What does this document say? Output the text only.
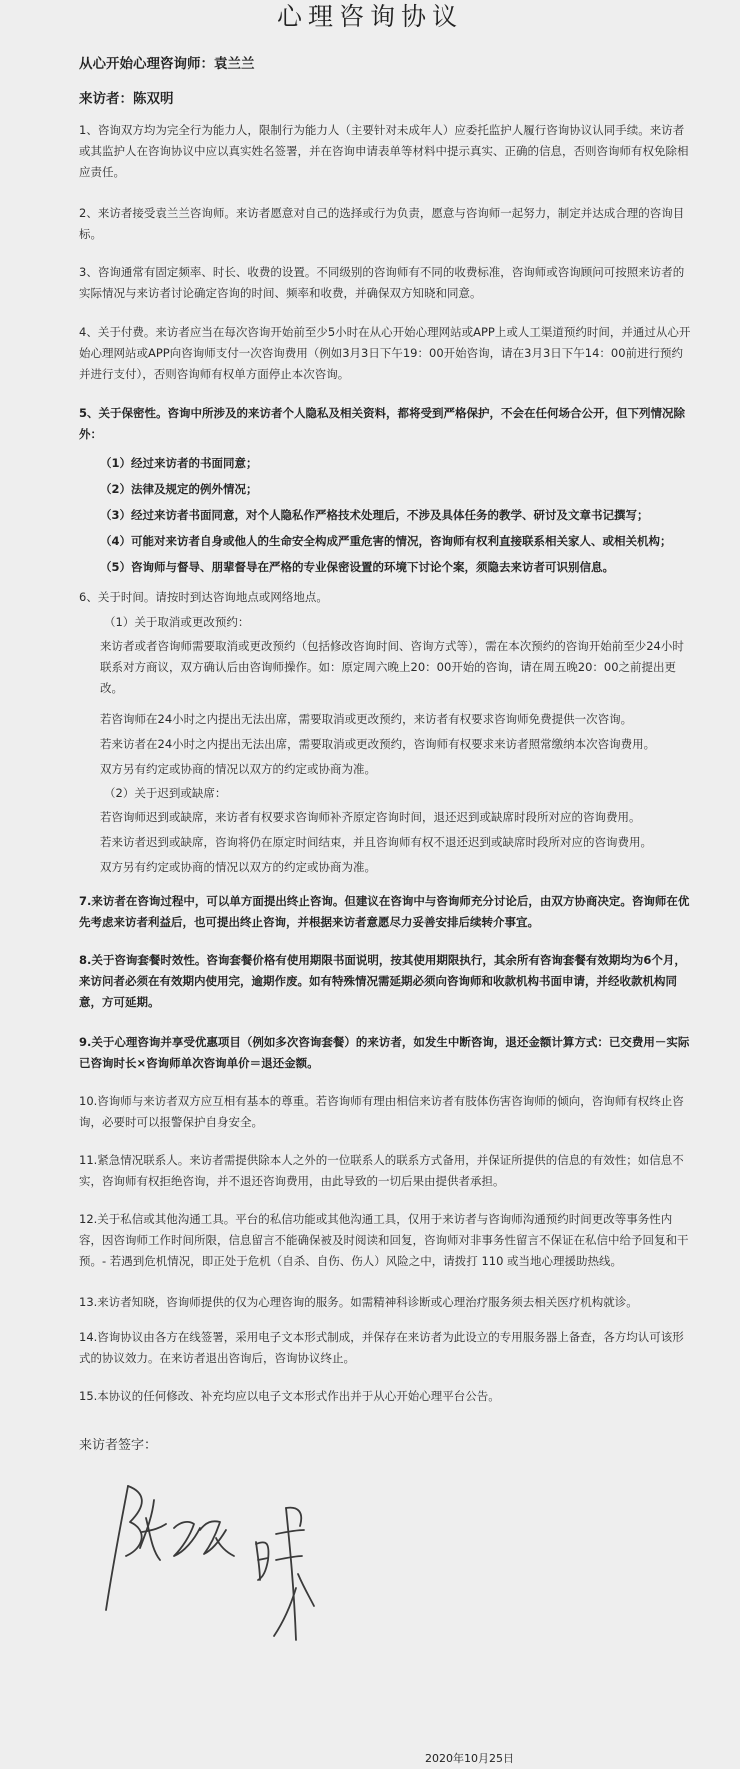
心理咨询协议
从心开始心理咨询师：袁兰兰
来访者：陈双明

1、咨询双方均为完全行为能力人，限制行为能力人（主要针对未成年人）应委托监护人履行咨询协议认同手续。来访者或其监护人在咨询协议中应以真实姓名签署，并在咨询申请表单等材料中提示真实、正确的信息，否则咨询师有权免除相应责任。

2、来访者接受袁兰兰咨询师。来访者愿意对自己的选择或行为负责，愿意与咨询师一起努力，制定并达成合理的咨询目标。

3、咨询通常有固定频率、时长、收费的设置。不同级别的咨询师有不同的收费标准，咨询师或咨询顾问可按照来访者的实际情况与来访者讨论确定咨询的时间、频率和收费，并确保双方知晓和同意。

4、关于付费。来访者应当在每次咨询开始前至少5小时在从心开始心理网站或APP上或人工渠道预约时间，并通过从心开始心理网站或APP向咨询师支付一次咨询费用（例如3月3日下午19：00开始咨询，请在3月3日下午14：00前进行预约并进行支付），否则咨询师有权单方面停止本次咨询。

5、关于保密性。咨询中所涉及的来访者个人隐私及相关资料，都将受到严格保护，不会在任何场合公开，但下列情况除外：

（1）经过来访者的书面同意；

（2）法律及规定的例外情况；

（3）经过来访者书面同意，对个人隐私作严格技术处理后，不涉及具体任务的教学、研讨及文章书记撰写；

（4）可能对来访者自身或他人的生命安全构成严重危害的情况，咨询师有权利直接联系相关家人、或相关机构；

（5）咨询师与督导、朋辈督导在严格的专业保密设置的环境下讨论个案，须隐去来访者可识别信息。

6、关于时间。请按时到达咨询地点或网络地点。

（1）关于取消或更改预约：

来访者或者咨询师需要取消或更改预约（包括修改咨询时间、咨询方式等），需在本次预约的咨询开始前至少24小时联系对方商议，双方确认后由咨询师操作。如：原定周六晚上20：00开始的咨询，请在周五晚20：00之前提出更改。

若咨询师在24小时之内提出无法出席，需要取消或更改预约，来访者有权要求咨询师免费提供一次咨询。

若来访者在24小时之内提出无法出席，需要取消或更改预约，咨询师有权要求来访者照常缴纳本次咨询费用。

双方另有约定或协商的情况以双方的约定或协商为准。

（2）关于迟到或缺席：

若咨询师迟到或缺席，来访者有权要求咨询师补齐原定咨询时间，退还迟到或缺席时段所对应的咨询费用。

若来访者迟到或缺席，咨询将仍在原定时间结束，并且咨询师有权不退还迟到或缺席时段所对应的咨询费用。

双方另有约定或协商的情况以双方的约定或协商为准。

7.来访者在咨询过程中，可以单方面提出终止咨询。但建议在咨询中与咨询师充分讨论后，由双方协商决定。咨询师在优先考虑来访者利益后，也可提出终止咨询，并根据来访者意愿尽力妥善安排后续转介事宜。

8.关于咨询套餐时效性。咨询套餐价格有使用期限书面说明，按其使用期限执行，其余所有咨询套餐有效期均为6个月，来访问者必须在有效期内使用完，逾期作废。如有特殊情况需延期必须向咨询师和收款机构书面申请，并经收款机构同意，方可延期。

9.关于心理咨询并享受优惠项目（例如多次咨询套餐）的来访者，如发生中断咨询，退还金额计算方式：已交费用－实际已咨询时长×咨询师单次咨询单价＝退还金额。

10.咨询师与来访者双方应互相有基本的尊重。若咨询师有理由相信来访者有肢体伤害咨询师的倾向，咨询师有权终止咨询，必要时可以报警保护自身安全。

11.紧急情况联系人。来访者需提供除本人之外的一位联系人的联系方式备用，并保证所提供的信息的有效性；如信息不实，咨询师有权拒绝咨询，并不退还咨询费用，由此导致的一切后果由提供者承担。

12.关于私信或其他沟通工具。平台的私信功能或其他沟通工具，仅用于来访者与咨询师沟通预约时间更改等事务性内容，因咨询师工作时间所限，信息留言不能确保被及时阅读和回复，咨询师对非事务性留言不保证在私信中给予回复和干预。- 若遇到危机情况，即正处于危机（自杀、自伤、伤人）风险之中，请拨打 110 或当地心理援助热线。

13.来访者知晓，咨询师提供的仅为心理咨询的服务。如需精神科诊断或心理治疗服务须去相关医疗机构就诊。

14.咨询协议由各方在线签署，采用电子文本形式制成，并保存在来访者为此设立的专用服务器上备查，各方均认可该形式的协议效力。在来访者退出咨询后，咨询协议终止。

15.本协议的任何修改、补充均应以电子文本形式作出并于从心开始心理平台公告。

来访者签字：
2020年10月25日
